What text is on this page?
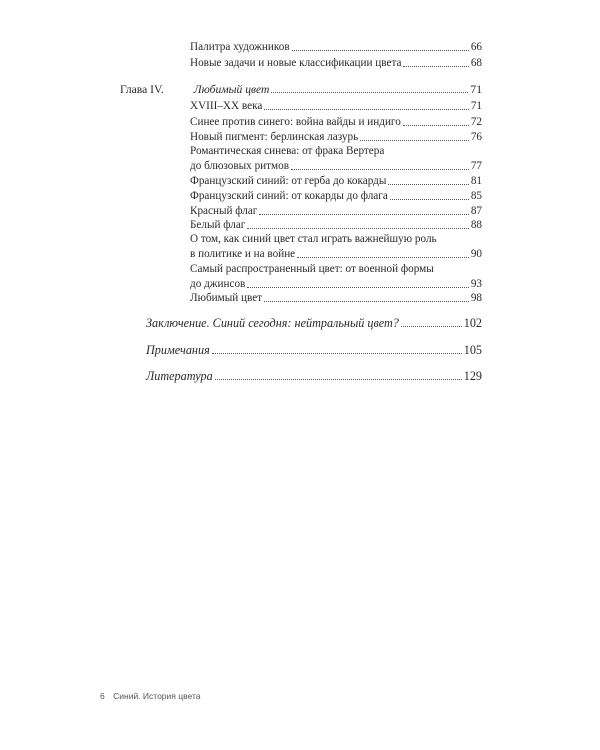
Палитра художников	66
Новые задачи и новые классификации цвета	68
Глава IV.	Любимый цвет	71
XVIII–XX века	71
Синее против синего: война вайды и индиго	72
Новый пигмент: берлинская лазурь	76
Романтическая синева: от фрака Вертера
до блюзовых ритмов	77
Французский синий: от герба до кокарды	81
Французский синий: от кокарды до флага	85
Красный флаг	87
Белый флаг	88
О том, как синий цвет стал играть важнейшую роль
в политике и на войне	90
Самый распространенный цвет: от военной формы
до джинсов	93
Любимый цвет	98
Заключение. Синий сегодня: нейтральный цвет?	102
Примечания	105
Литература	129
6 Синий. История цвета
